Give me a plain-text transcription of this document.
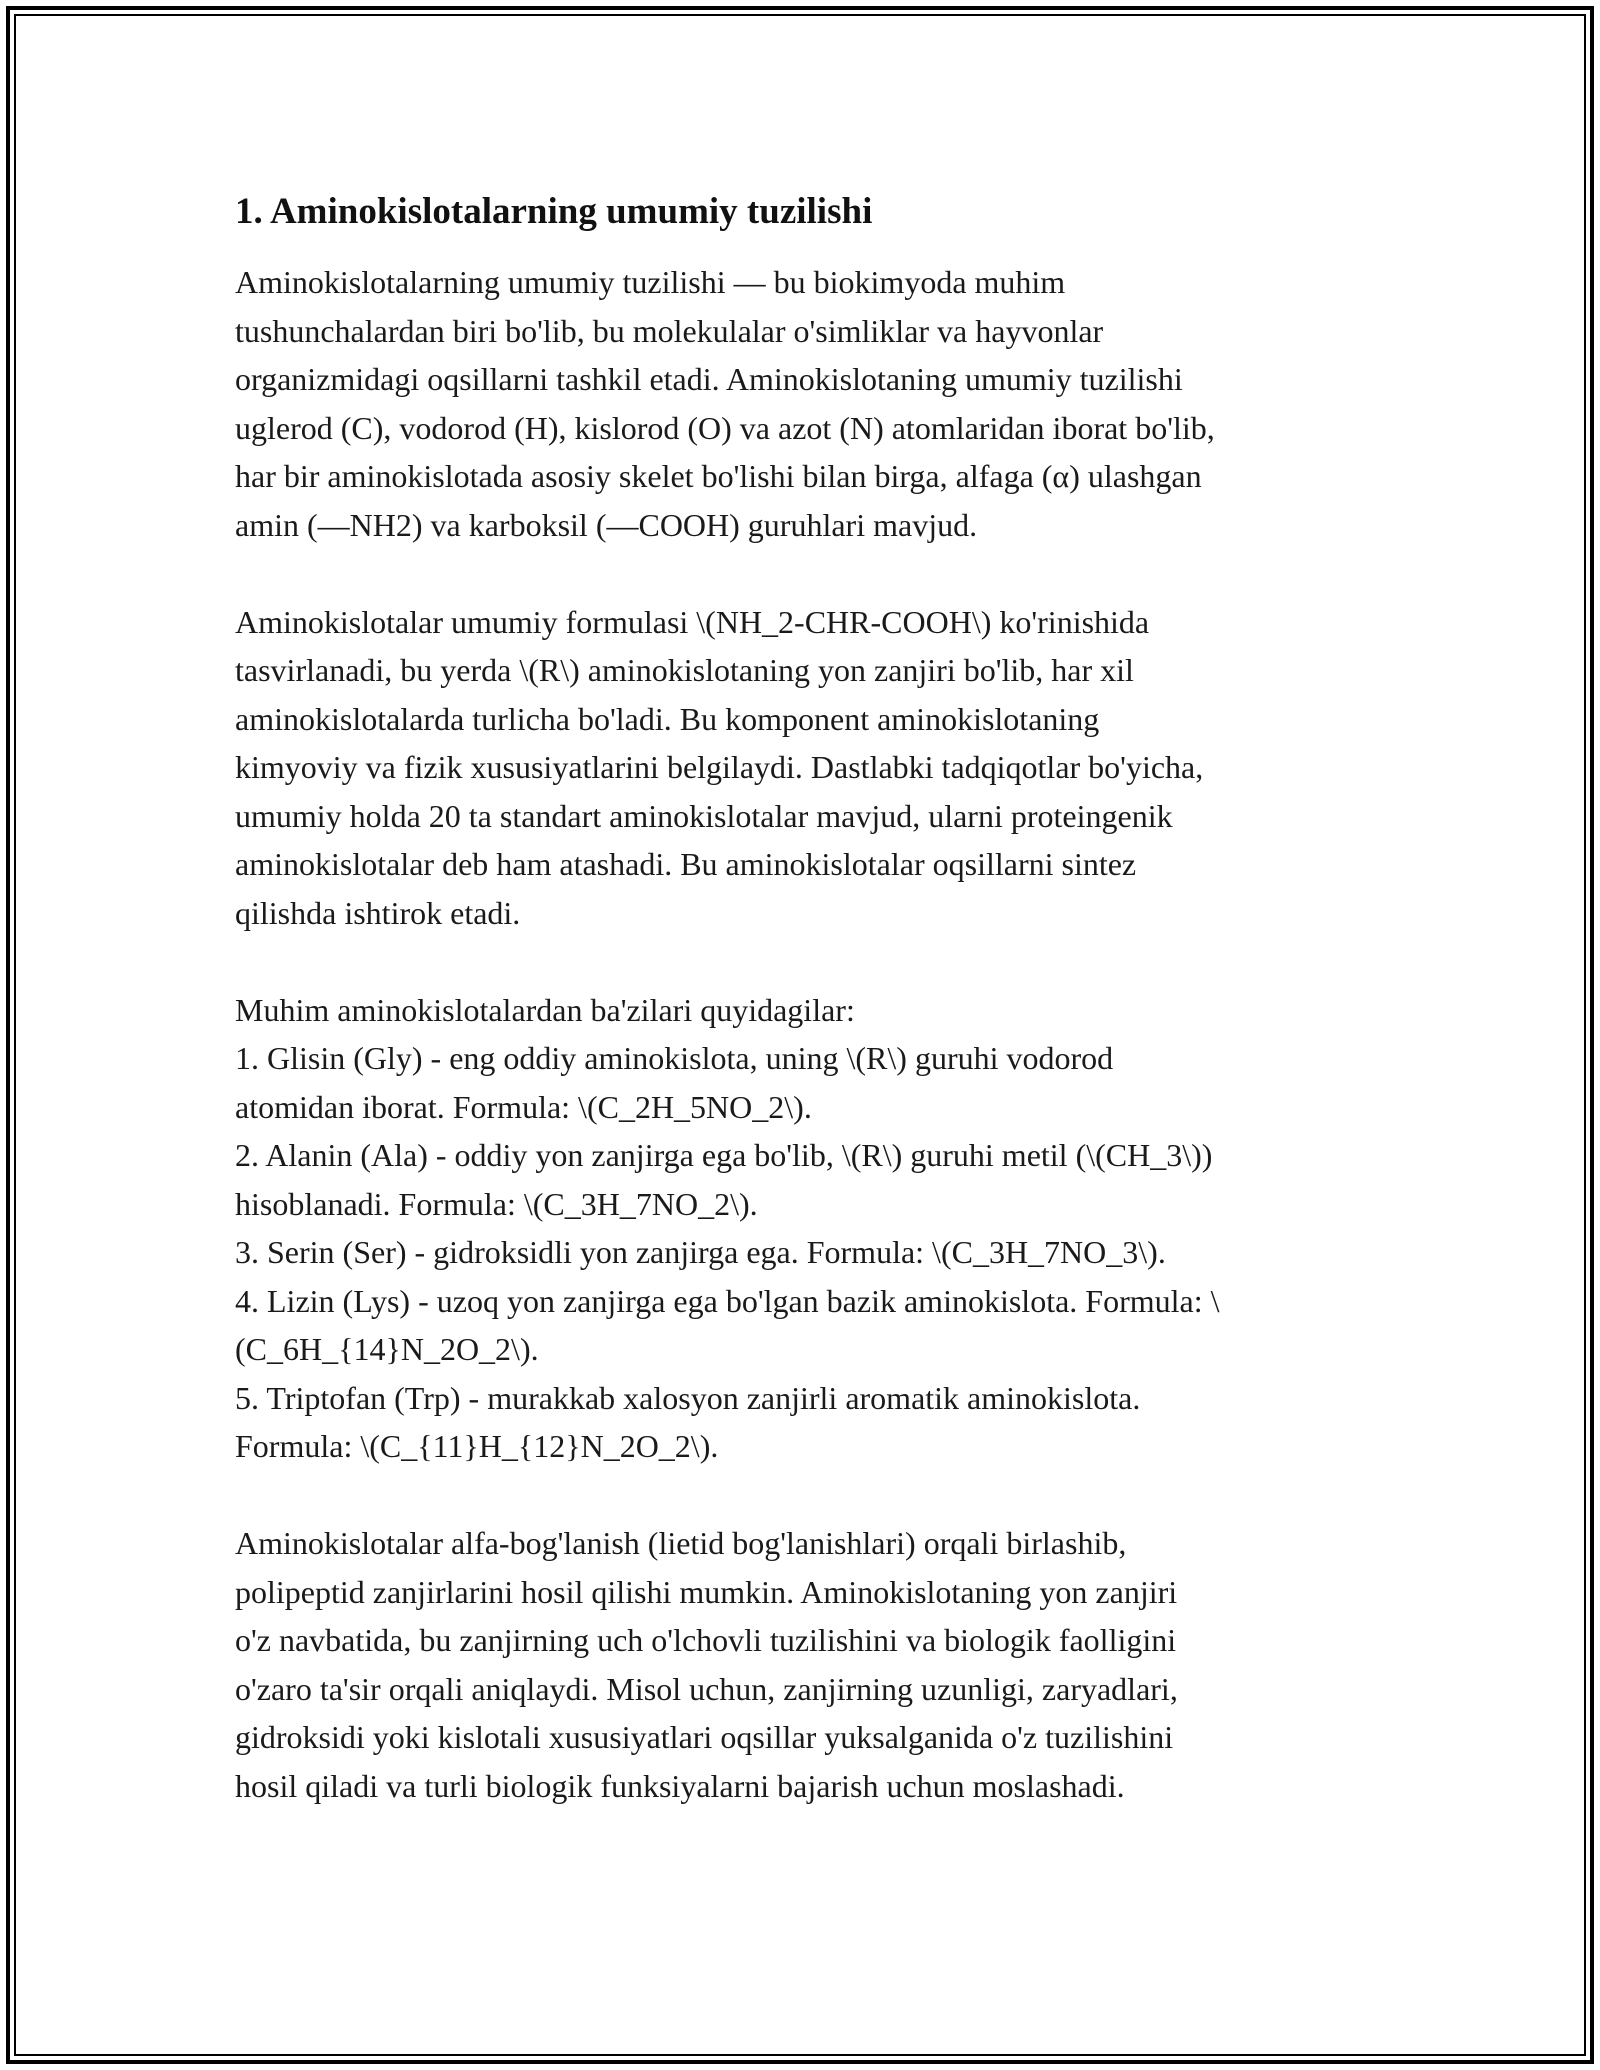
1. Aminokislotalarning umumiy tuzilishi

Aminokislotalarning umumiy tuzilishi — bu biokimyoda muhim
tushunchalardan biri bo'lib, bu molekulalar o'simliklar va hayvonlar
organizmidagi oqsillarni tashkil etadi. Aminokislotaning umumiy tuzilishi
uglerod (C), vodorod (H), kislorod (O) va azot (N) atomlaridan iborat bo'lib,
har bir aminokislotada asosiy skelet bo'lishi bilan birga, alfaga (α) ulashgan
amin (—NH2) va karboksil (—COOH) guruhlari mavjud.

Aminokislotalar umumiy formulasi \(NH_2-CHR-COOH\) ko'rinishida
tasvirlanadi, bu yerda \(R\) aminokislotaning yon zanjiri bo'lib, har xil
aminokislotalarda turlicha bo'ladi. Bu komponent aminokislotaning
kimyoviy va fizik xususiyatlarini belgilaydi. Dastlabki tadqiqotlar bo'yicha,
umumiy holda 20 ta standart aminokislotalar mavjud, ularni proteingenik
aminokislotalar deb ham atashadi. Bu aminokislotalar oqsillarni sintez
qilishda ishtirok etadi.

Muhim aminokislotalardan ba'zilari quyidagilar:
1. Glisin (Gly) - eng oddiy aminokislota, uning \(R\) guruhi vodorod
atomidan iborat. Formula: \(C_2H_5NO_2\).
2. Alanin (Ala) - oddiy yon zanjirga ega bo'lib, \(R\) guruhi metil (\(CH_3\))
hisoblanadi. Formula: \(C_3H_7NO_2\).
3. Serin (Ser) - gidroksidli yon zanjirga ega. Formula: \(C_3H_7NO_3\).
4. Lizin (Lys) - uzoq yon zanjirga ega bo'lgan bazik aminokislota. Formula: \
(C_6H_{14}N_2O_2\).
5. Triptofan (Trp) - murakkab xalosyon zanjirli aromatik aminokislota.
Formula: \(C_{11}H_{12}N_2O_2\).

Aminokislotalar alfa-bog'lanish (lietid bog'lanishlari) orqali birlashib,
polipeptid zanjirlarini hosil qilishi mumkin. Aminokislotaning yon zanjiri
o'z navbatida, bu zanjirning uch o'lchovli tuzilishini va biologik faolligini
o'zaro ta'sir orqali aniqlaydi. Misol uchun, zanjirning uzunligi, zaryadlari,
gidroksidi yoki kislotali xususiyatlari oqsillar yuksalganida o'z tuzilishini
hosil qiladi va turli biologik funksiyalarni bajarish uchun moslashadi.
